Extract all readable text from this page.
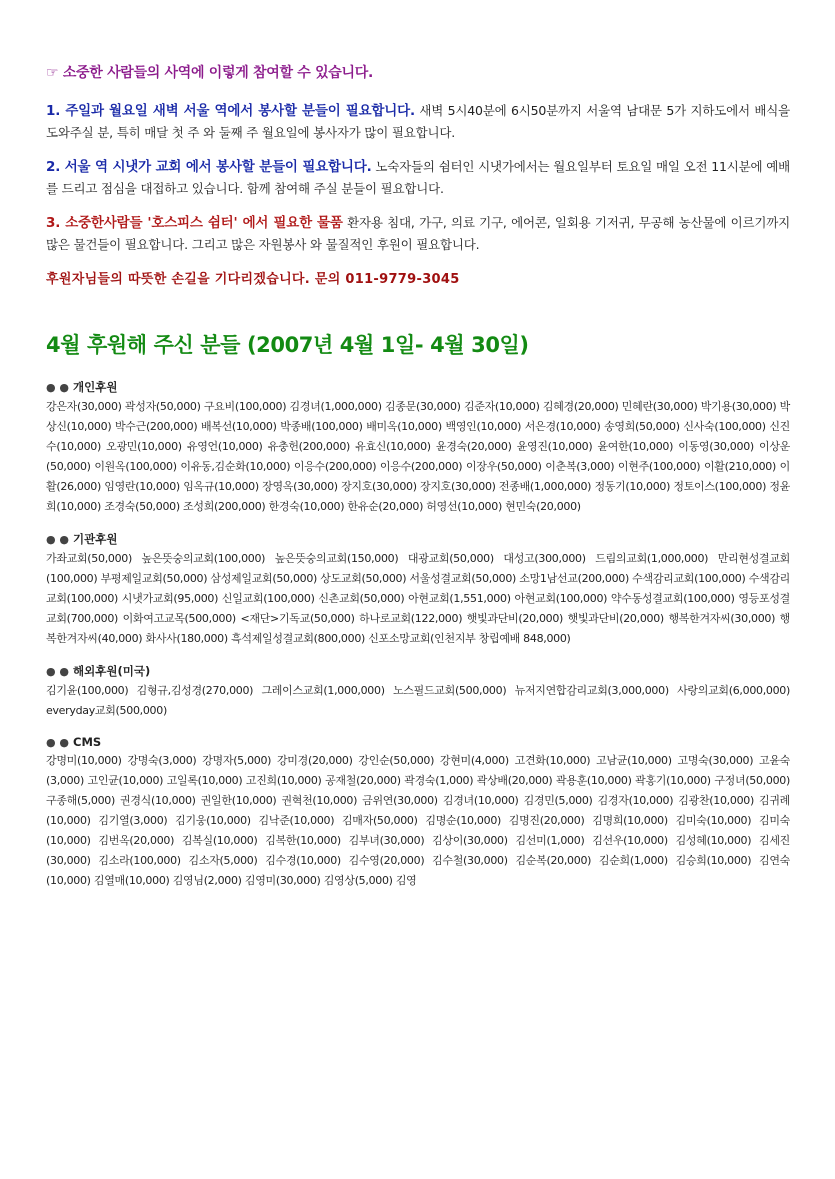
☞ 소중한 사람들의 사역에 이렇게 참여할 수 있습니다.

1. 주일과 월요일 새벽 서울 역에서 봉사할 분들이 필요합니다. 새벽 5시40분에 6시50분까지 서울역 남대문 5가 지하도에서 배식을 도와주실 분, 특히 매달 첫 주 와 둘째 주 월요일에 봉사자가 많이 필요합니다.

2. 서울 역 시냇가 교회 에서 봉사할 분들이 필요합니다. 노숙자들의 쉼터인 시냇가에서는 월요일부터 토요일 매일 오전 11시분에 예배를 드리고 점심을 대접하고 있습니다. 함께 참여해 주실 분들이 필요합니다.

3. 소중한사람들 '호스피스 쉼터' 에서 필요한 물품 환자용 침대, 가구, 의료 기구, 에어콘, 일회용 기저귀, 무공해 농산물에 이르기까지 많은 물건들이 필요합니다. 그리고 많은 자원봉사 와 물질적인 후원이 필요합니다.

후원자님들의 따뜻한 손길을 기다리겠습니다. 문의 011-9779-3045

4월 후원해 주신 분들 (2007년 4월 1일- 4월 30일)
● ● 개인후원
강은자(30,000) 곽성자(50,000) 구요비(100,000) 김경녀(1,000,000) 김종문(30,000) 김준자(10,000) 김혜경(20,000) 민혜란(30,000) 박기용(30,000) 박상신(10,000) 박수근(200,000) 배복선(10,000) 박종배(100,000) 배미옥(10,000) 백영인(10,000) 서은경(10,000) 송영희(50,000) 신사숙(100,000) 신진수(10,000) 오광민(10,000) 유영언(10,000) 유충헌(200,000) 유효신(10,000) 윤경숙(20,000) 윤영진(10,000) 윤여한(10,000) 이동영(30,000) 이상운(50,000) 이원옥(100,000) 이유동,김순화(10,000) 이응수(200,000) 이응수(200,000) 이장우(50,000) 이춘복(3,000) 이현주(100,000) 이활(210,000) 이활(26,000) 임영란(10,000) 임옥규(10,000) 장영옥(30,000) 장지호(30,000) 장지호(30,000) 전종배(1,000,000) 정동기(10,000) 정토이스(100,000) 정윤희(10,000) 조경숙(50,000) 조성희(200,000) 한경숙(10,000) 한유순(20,000) 허영선(10,000) 현민숙(20,000)
● ● 기관후원
가좌교회(50,000) 높은뜻숭의교회(100,000) 높은뜻숭의교회(150,000) 대광교회(50,000) 대성고(300,000) 드림의교회(1,000,000) 만리현성결교회(100,000) 부평제일교회(50,000) 삼성제일교회(50,000) 상도교회(50,000) 서울성결교회(50,000) 소망1남선교(200,000) 수색감리교회(100,000) 수색감리교회(100,000) 시냇가교회(95,000) 신일교회(100,000) 신촌교회(50,000) 아현교회(1,551,000) 아현교회(100,000) 약수동성결교회(100,000) 영등포성결교회(700,000) 이화여고교목(500,000) <재단>기독교(50,000) 하나로교회(122,000) 햇빛과단비(20,000) 햇빛과단비(20,000) 행복한겨자씨(30,000) 행복한겨자씨(40,000) 화사사(180,000) 흑석제일성결교회(800,000) 신포소망교회(인천지부 창립예배 848,000)
● ● 해외후원(미국)
김기윤(100,000) 김형규,김성경(270,000) 그레이스교회(1,000,000) 노스필드교회(500,000) 뉴저지연합감리교회(3,000,000) 사랑의교회(6,000,000) everyday교회(500,000)
● ● CMS
강명미(10,000) 강명숙(3,000) 강명자(5,000) 강미경(20,000) 강인순(50,000) 강현미(4,000) 고견화(10,000) 고남균(10,000) 고명숙(30,000) 고윤숙(3,000) 고인균(10,000) 고일록(10,000) 고진희(10,000) 공재철(20,000) 곽경숙(1,000) 곽상배(20,000) 곽용훈(10,000) 곽홍기(10,000) 구정녀(50,000) 구종해(5,000) 권경식(10,000) 권일한(10,000) 권혁천(10,000) 금위연(30,000) 김경녀(10,000) 김경민(5,000) 김경자(10,000) 김광찬(10,000) 김귀례(10,000) 김기열(3,000) 김기웅(10,000) 김낙준(10,000) 김매자(50,000) 김명순(10,000) 김명진(20,000) 김명희(10,000) 김미숙(10,000) 김미숙(10,000) 김번옥(20,000) 김복실(10,000) 김복한(10,000) 김부녀(30,000) 김상이(30,000) 김선미(1,000) 김선우(10,000) 김성혜(10,000) 김세진(30,000) 김소라(100,000) 김소자(5,000) 김수경(10,000) 김수영(20,000) 김수철(30,000) 김순복(20,000) 김순희(1,000) 김승희(10,000) 김연숙(10,000) 김열매(10,000) 김영님(2,000) 김영미(30,000) 김영상(5,000) 김영
